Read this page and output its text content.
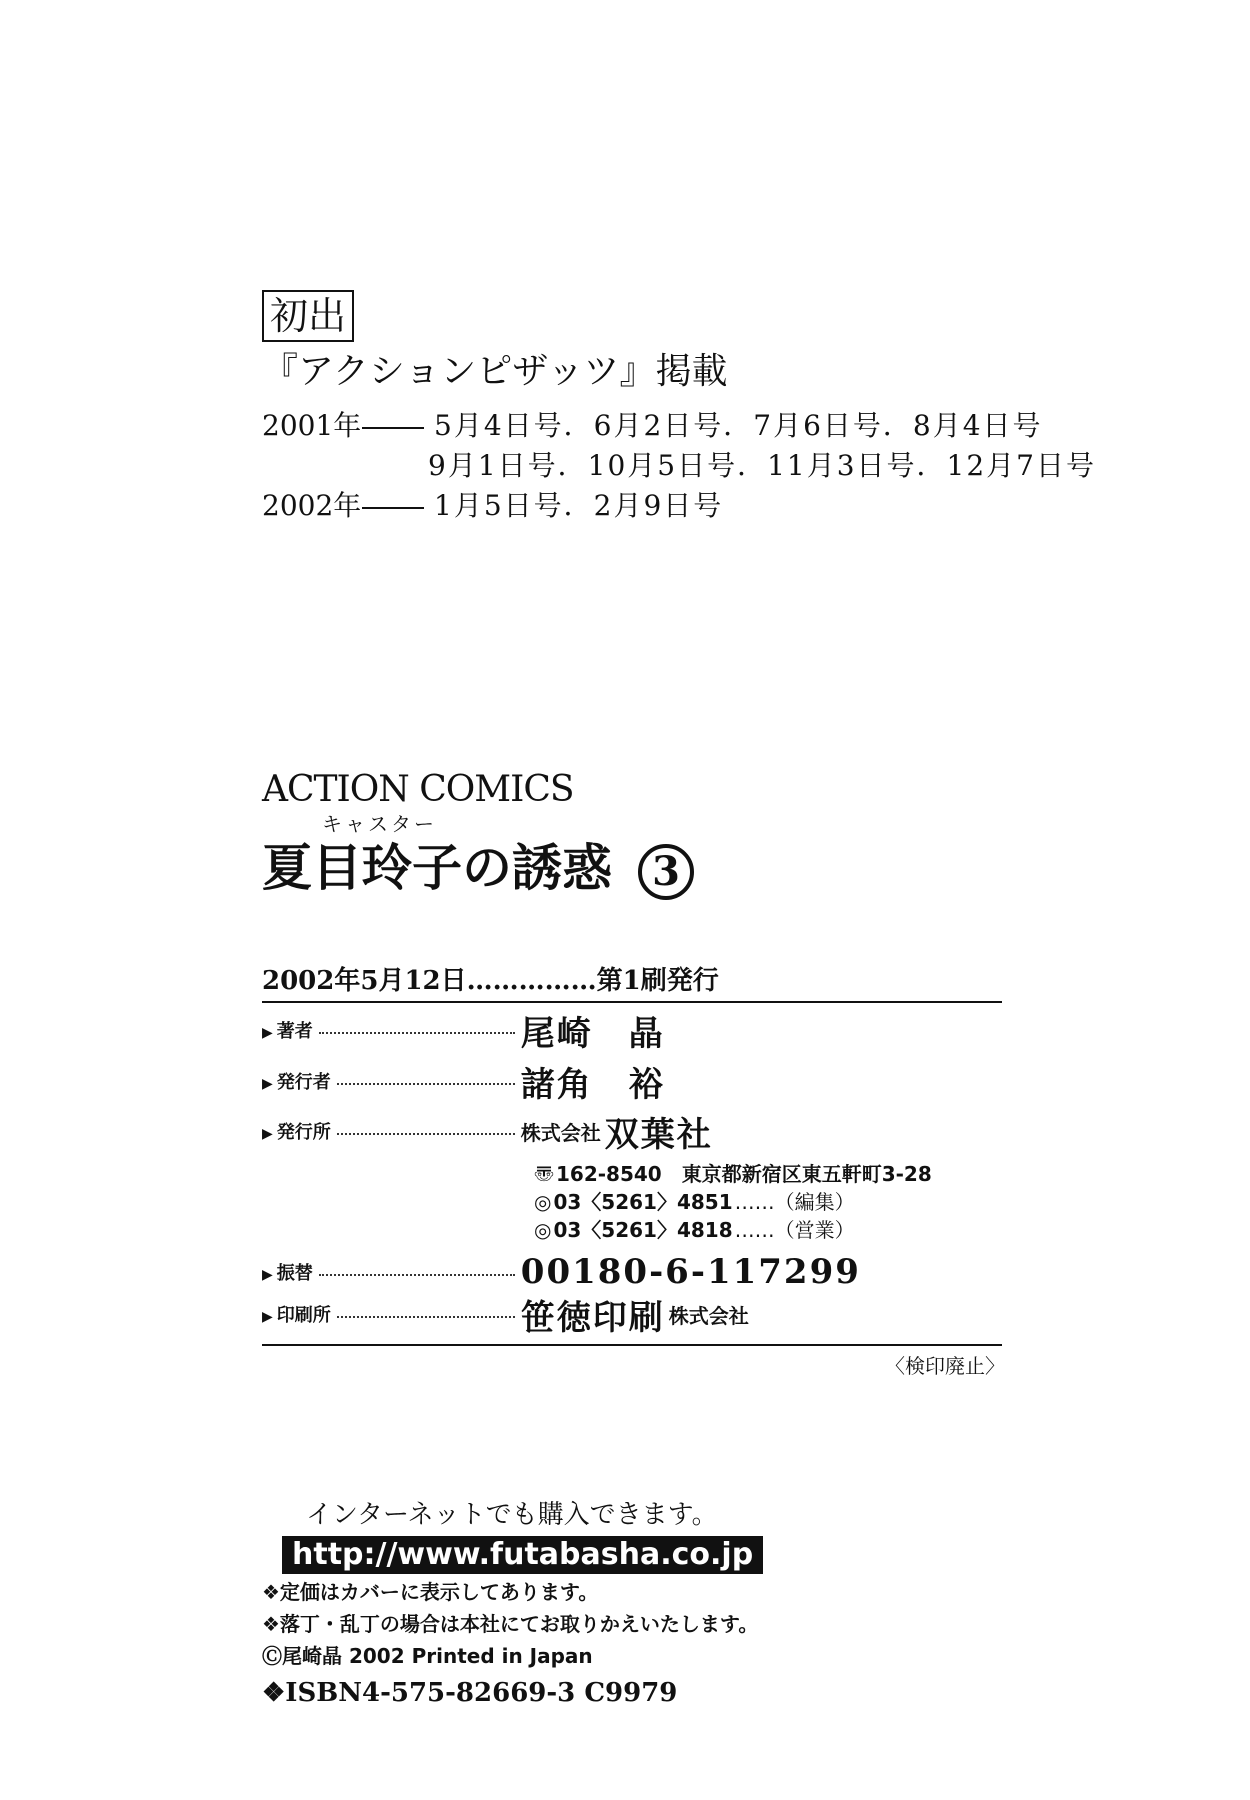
初出
『アクションピザッツ』掲載
2001年	5月4日号．6月2日号．7月6日号．8月4日号
9月1日号．10月5日号．11月3日号．12月7日号
2002年	1月5日号．2月9日号
ACTION COMICS
キャスター
夏目玲子の誘惑 3
2002年5月12日……………第1刷発行
▶ 著者	尾崎　晶
▶ 発行者	諸角　裕
▶ 発行所	株式会社 双葉社
〠 162-8540　東京都新宿区東五軒町3-28
◎ 03〈5261〉4851 ……（編集）
◎ 03〈5261〉4818 ……（営業）
▶ 振替	00180-6-117299
▶ 印刷所	笹徳印刷 株式会社
〈検印廃止〉
インターネットでも購入できます。
http://www.futabasha.co.jp
❖定価はカバーに表示してあります。
❖落丁・乱丁の場合は本社にてお取りかえいたします。
Ⓒ尾崎晶 2002 Printed in Japan
❖ISBN4-575-82669-3 C9979
